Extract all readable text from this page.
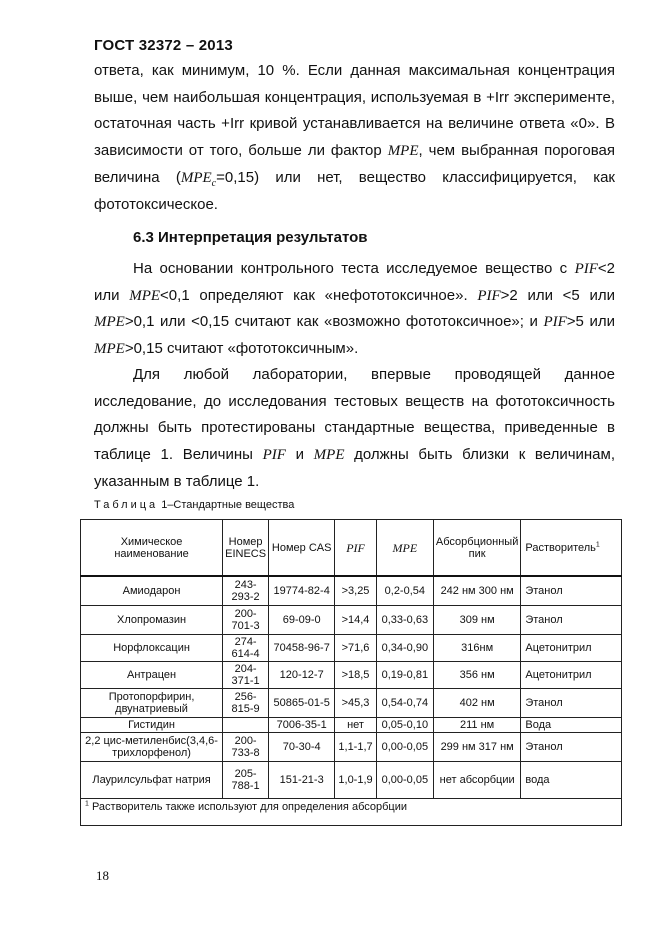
ГОСТ 32372 – 2013
ответа, как минимум, 10 %. Если данная максимальная концентрация выше, чем наибольшая концентрация, используемая в +Irr эксперименте, остаточная часть +Irr кривой устанавливается на величине ответа «0». В зависимости от того, больше ли фактор MPE, чем выбранная пороговая величина $(MPE_c=0,15)$ или нет, вещество классифицируется, как фототоксическое.
6.3 Интерпретация результатов
На основании контрольного теста исследуемое вещество с PIF<2 или MPE<0,1 определяют как «нефототоксичное». PIF>2 или <5 или MPE>0,1 или <0,15 считают как «возможно фототоксичное»; и PIF>5 или MPE>0,15 считают «фототоксичным».
Для любой лаборатории, впервые проводящей данное исследование, до исследования тестовых веществ на фототоксичность должны быть протестированы стандартные вещества, приведенные в таблице 1. Величины PIF и MPE должны быть близки к величинам, указанным в таблице 1.
Таблица 1–Стандартные вещества
Химическое наименование	Номер EINECS	Номер CAS	PIF	MPE	Абсорбционный пик	Растворитель$^1$
Амиодарон	243-293-2	19774-82-4	>3,25	0,2-0,54	242 нм 300 нм	Этанол
Хлопромазин	200-701-3	69-09-0	>14,4	0,33-0,63	309 нм	Этанол
Норфлоксацин	274-614-4	70458-96-7	>71,6	0,34-0,90	316нм	Ацетонитрил
Антрацен	204-371-1	120-12-7	>18,5	0,19-0,81	356 нм	Ацетонитрил
Протопорфирин, двунатриевый	256-815-9	50865-01-5	>45,3	0,54-0,74	402 нм	Этанол
Гистидин		7006-35-1	нет	0,05-0,10	211 нм	Вода
2,2 цис-метиленбис(3,4,6-трихлорфенол)	200-733-8	70-30-4	1,1-1,7	0,00-0,05	299 нм 317 нм	Этанол
Лаурилсульфат натрия	205-788-1	151-21-3	1,0-1,9	0,00-0,05	нет абсорбции	вода
$^1$ Растворитель также используют для определения абсорбции						
18
